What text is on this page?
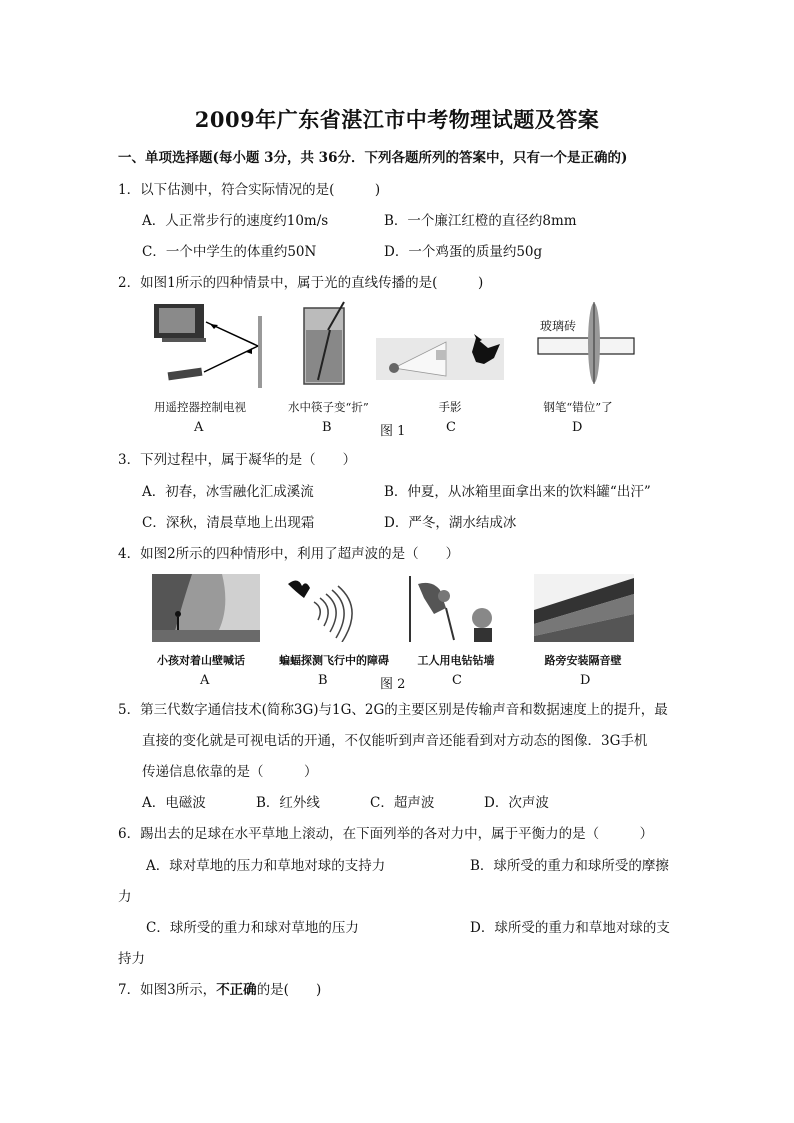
2009年广东省湛江市中考物理试题及答案
一、单项选择题(每小题 3分，共 36分．下列各题所列的答案中，只有一个是正确的)
1．以下估测中，符合实际情况的是(　　　)
A．人正常步行的速度约10m/s	B．一个廉江红橙的直径约8mm
C．一个中学生的体重约50N	D．一个鸡蛋的质量约50g
2．如图1所示的四种情景中，属于光的直线传播的是(　　　)
玻璃砖
用遥控器控制电视	水中筷子变“折”	手影	钢笔“错位”了
A	B	图 1	C	D
3．下列过程中，属于凝华的是（　　）
A．初春，冰雪融化汇成溪流	B．仲夏，从冰箱里面拿出来的饮料罐“出汗”
C．深秋，清晨草地上出现霜	D．严冬，湖水结成冰
4．如图2所示的四种情形中，利用了超声波的是（　　）
小孩对着山壁喊话	蝙蝠探测飞行中的障碍	工人用电钻钻墙	路旁安装隔音壁
A	B	图 2	C	D
5．第三代数字通信技术(简称3G)与1G、2G的主要区别是传输声音和数据速度上的提升，最
直接的变化就是可视电话的开通，不仅能听到声音还能看到对方动态的图像．3G手机
传递信息依靠的是（　　　）
A．电磁波	B．红外线	C．超声波	D．次声波
6．踢出去的足球在水平草地上滚动，在下面列举的各对力中，属于平衡力的是（　　　）
A．球对草地的压力和草地对球的支持力	B．球所受的重力和球所受的摩擦
力
C．球所受的重力和球对草地的压力	D．球所受的重力和草地对球的支
持力
7．如图3所示，不正确的是(　　)
